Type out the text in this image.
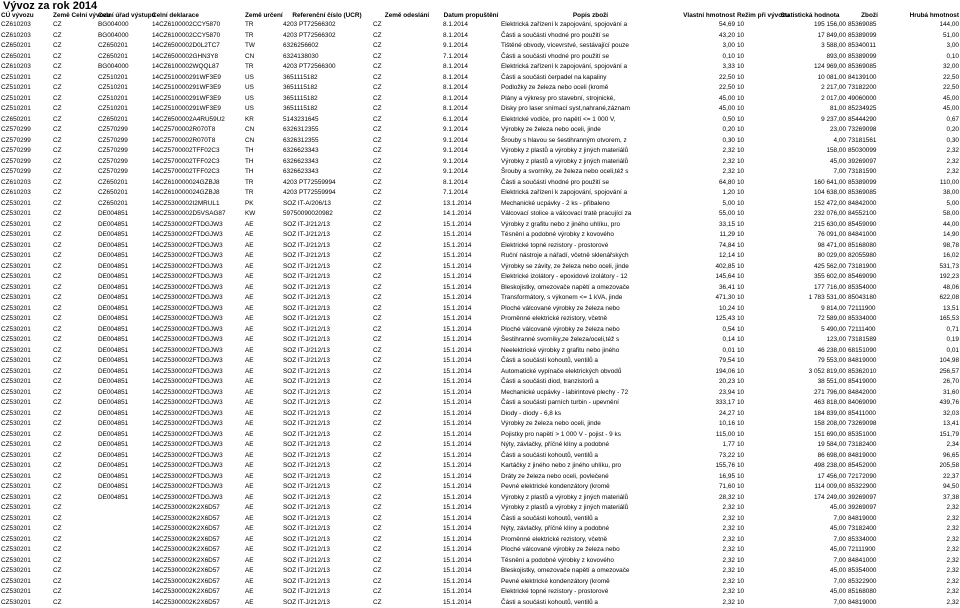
Vývoz za rok 2014
CÚ vývozu	Země Celní vývozu	Celní úřad výstupu	Celní deklarace	Země určení	Referenční číslo (UCR)	Země odeslání	Datum propuštění	Popis zboží	Vlastní hmotnost	Režim při vývozu	Statistická hodnota	Zboží	Hrubá hmotnost
CZ610203	CZ	BG004000	14CZ6100002CCY5870	TR	4203 PT72566302	CZ	8.1.2014	Elektrická zařízení k zapojování, spojování a	54,69	10	195 156,00	85369085	144,00
CZ610203	CZ	BG004000	14CZ6100002CCY5870	TR	4203 PT72566302	CZ	8.1.2014	Části a součásti vhodné pro použití se	43,20	10	17 849,00	85389099	51,00
CZ650201	CZ	CZ650201	14CZ6500002D0L2TC7	TW	6326256602	CZ	9.1.2014	Tištěné obvody, vícevrstvé, sestávající pouze	3,00	10	3 588,00	85340011	3,00
CZ650201	CZ	CZ650201	14CZ6500002GHN3Y8	CN	6324138030	CZ	7.1.2014	Části a součásti vhodné pro použití se	0,10	10	893,00	85389099	0,10
CZ610203	CZ	BG004000	14CZ6100002WQQL87	TR	4203 PT72566300	CZ	8.1.2014	Elektrická zařízení k zapojování, spojování a	3,33	10	124 969,00	85369085	32,00
CZ510201	CZ	CZ510201	14CZ510000291WF3E9	US	3651115182	CZ	8.1.2014	Části a součásti čerpadel na kapaliny	22,50	10	10 081,00	84139100	22,50
CZ510201	CZ	CZ510201	14CZ510000291WF3E9	US	3651115182	CZ	8.1.2014	Podložky ze železa nebo oceli (kromě	22,50	10	2 217,00	73182200	22,50
CZ510201	CZ	CZ510201	14CZ510000291WF3E9	US	3651115182	CZ	8.1.2014	Plány a výkresy pro stavební, strojnické,	45,00	10	2 017,00	49060000	45,00
CZ510201	CZ	CZ510201	14CZ510000291WF3E9	US	3651115182	CZ	8.1.2014	Disky pro laser snímací syst,nahrané,záznam	45,00	10	81,00	85234925	45,00
CZ650201	CZ	CZ650201	14CZ6500002A4RU59U2	KR	5143231645	CZ	6.1.2014	Elektrické vodiče, pro napětí <= 1 000 V,	0,50	10	9 237,00	85444290	0,67
CZ570299	CZ	CZ570299	14CZ5700002R070T8	CN	6326312355	CZ	9.1.2014	Výrobky ze železa nebo oceli, jinde	0,20	10	23,00	73269098	0,20
CZ570299	CZ	CZ570299	14CZ5700002R070T8	CN	6326312355	CZ	9.1.2014	Šrouby s hlavou se šestihranným otvorem, z	0,30	10	4,00	73181561	0,30
CZ570299	CZ	CZ570299	14CZ5700002TFF02C3	TH	6326623343	CZ	9.1.2014	Výrobky z plastů a výrobky z jiných materiálů	2,32	10	158,00	85030099	2,32
CZ570299	CZ	CZ570299	14CZ5700002TFF02C3	TH	6326623343	CZ	9.1.2014	Výrobky z plastů a výrobky z jiných materiálů	2,32	10	45,00	39269097	2,32
CZ570299	CZ	CZ570299	14CZ5700002TFF02C3	TH	6326623343	CZ	9.1.2014	Šrouby a svorníky, ze železa nebo oceli,též s	2,32	10	7,00	73181590	2,32
CZ610203	CZ	CZ650201	14CZ610000024GZBJ8	TR	4203 PT72559994	CZ	8.1.2014	Části a součásti vhodné pro použití se	64,80	10	160 641,00	85389099	110,00
CZ610203	CZ	CZ650201	14CZ610000024GZBJ8	TR	4203 PT72559994	CZ	7.1.2014	Elektrická zařízení k zapojování, spojování a	1,20	10	104 638,00	85369085	38,00
CZ530201	CZ	CZ650201	14CZ5300002I2MRUL1	PK	SOZ IT-A/206/13	CZ	13.1.2014	Mechanické ucpávky - 2 ks - přibaleno	5,00	10	152 472,00	84842000	5,00
CZ530201	CZ	DE004851	14CZ5300002D5VSAG87	KW	59750090020982	CZ	14.1.2014	Válcovací stolice a válcovací tratě pracující za	55,00	10	232 076,00	84552100	58,00
CZ530201	CZ	DE004851	14CZ5300002FTDGJW3	AE	SOZ IT-J/212/13	CZ	15.1.2014	Výrobky z grafitu nebo z jiného uhlíku, pro	33,15	10	215 630,00	85459090	44,00
CZ530201	CZ	DE004851	14CZ5300002FTDGJW3	AE	SOZ IT-J/212/13	CZ	15.1.2014	Těsnění a podobné výrobky z kovového	11,29	10	76 091,00	84841000	14,90
CZ530201	CZ	DE004851	14CZ5300002FTDGJW3	AE	SOZ IT-J/212/13	CZ	15.1.2014	Elektrické topné rezistory - prostorové	74,84	10	98 471,00	85168080	98,78
CZ530201	CZ	DE004851	14CZ5300002FTDGJW3	AE	SOZ IT-J/212/13	CZ	15.1.2014	Ruční nástroje a nářadí, včetně sklenářských	12,14	10	80 029,00	82055980	16,02
CZ530201	CZ	DE004851	14CZ5300002FTDGJW3	AE	SOZ IT-J/212/13	CZ	15.1.2014	Výrobky se závity, ze železa nebo oceli, jinde	402,85	10	425 562,00	73181900	531,73
CZ530201	CZ	DE004851	14CZ5300002FTDGJW3	AE	SOZ IT-J/212/13	CZ	15.1.2014	Elektrické izolátory - epoxidové izolátory - 12	145,64	10	355 602,00	85469090	192,23
CZ530201	CZ	DE004851	14CZ5300002FTDGJW3	AE	SOZ IT-J/212/13	CZ	15.1.2014	Bleskojistky, omezovače napětí a omezovače	36,41	10	177 716,00	85354000	48,06
CZ530201	CZ	DE004851	14CZ5300002FTDGJW3	AE	SOZ IT-J/212/13	CZ	15.1.2014	Transformátory, s výkonem <= 1 kVA, jinde	471,30	10	1 783 531,00	85043180	622,08
CZ530201	CZ	DE004851	14CZ5300002FTDGJW3	AE	SOZ IT-J/212/13	CZ	15.1.2014	Ploché válcované výrobky ze železa nebo	10,24	10	9 814,00	72111900	13,51
CZ530201	CZ	DE004851	14CZ5300002FTDGJW3	AE	SOZ IT-J/212/13	CZ	15.1.2014	Proměnné elektrické rezistory, včetně	125,43	10	72 589,00	85334000	165,53
CZ530201	CZ	DE004851	14CZ5300002FTDGJW3	AE	SOZ IT-J/212/13	CZ	15.1.2014	Ploché válcované výrobky ze železa nebo	0,54	10	5 490,00	72111400	0,71
CZ530201	CZ	DE004851	14CZ5300002FTDGJW3	AE	SOZ IT-J/212/13	CZ	15.1.2014	Šestihranné svorníky,ze železa/oceli,též s	0,14	10	123,00	73181589	0,19
CZ530201	CZ	DE004851	14CZ5300002FTDGJW3	AE	SOZ IT-J/212/13	CZ	15.1.2014	Neelektrické výrobky z grafitu nebo jiného	0,01	10	46 238,00	68151090	0,01
CZ530201	CZ	DE004851	14CZ5300002FTDGJW3	AE	SOZ IT-J/212/13	CZ	15.1.2014	Části a součásti kohoutů, ventilů a	79,54	10	79 553,00	84819000	104,98
CZ530201	CZ	DE004851	14CZ5300002FTDGJW3	AE	SOZ IT-J/212/13	CZ	15.1.2014	Automatické vypínače elektrických obvodů	194,06	10	3 052 819,00	85362010	256,57
CZ530201	CZ	DE004851	14CZ5300002FTDGJW3	AE	SOZ IT-J/212/13	CZ	15.1.2014	Části a součásti diod, tranzistorů a	20,23	10	38 551,00	85419000	26,70
CZ530201	CZ	DE004851	14CZ5300002FTDGJW3	AE	SOZ IT-J/212/13	CZ	15.1.2014	Mechanické ucpávky - labirintové plechy - 72	23,94	10	271 796,00	84842000	31,60
CZ530201	CZ	DE004851	14CZ5300002FTDGJW3	AE	SOZ IT-J/212/13	CZ	15.1.2014	Části a součásti parních turbin - upevnění	333,17	10	463 818,00	84069090	439,76
CZ530201	CZ	DE004851	14CZ5300002FTDGJW3	AE	SOZ IT-J/212/13	CZ	15.1.2014	Diody - diody - 6,8 ks	24,27	10	184 839,00	85411000	32,03
CZ530201	CZ	DE004851	14CZ5300002FTDGJW3	AE	SOZ IT-J/212/13	CZ	15.1.2014	Výrobky ze železa nebo oceli, jinde	10,16	10	158 208,00	73269098	13,41
CZ530201	CZ	DE004851	14CZ5300002FTDGJW3	AE	SOZ IT-J/212/13	CZ	15.1.2014	Pojistky pro napětí > 1 000 V - pojist - 9 ks	115,00	10	151 690,00	85351000	151,79
CZ530201	CZ	DE004851	14CZ5300002FTDGJW3	AE	SOZ IT-J/212/13	CZ	15.1.2014	Nýty, závlačky, příčné klíny a podobné	1,77	10	19 584,00	73182400	2,34
CZ530201	CZ	DE004851	14CZ5300002FTDGJW3	AE	SOZ IT-J/212/13	CZ	15.1.2014	Části a součásti kohoutů, ventilů a	73,22	10	86 698,00	84819000	96,65
CZ530201	CZ	DE004851	14CZ5300002FTDGJW3	AE	SOZ IT-J/212/13	CZ	15.1.2014	Kartáčky z jiného nebo z jiného uhlíku, pro	155,76	10	498 238,00	85452000	205,58
CZ530201	CZ	DE004851	14CZ5300002FTDGJW3	AE	SOZ IT-J/212/13	CZ	15.1.2014	Dráty ze železa nebo oceli, povlečené	16,95	10	17 456,00	72172090	22,37
CZ530201	CZ	DE004851	14CZ5300002FTDGJW3	AE	SOZ IT-J/212/13	CZ	15.1.2014	Pevné elektrické kondenzátory (kromě	71,60	10	114 009,00	85322900	94,50
CZ530201	CZ	DE004851	14CZ5300002FTDGJW3	AE	SOZ IT-J/212/13	CZ	15.1.2014	Výrobky z plastů a výrobky z jiných materiálů	28,32	10	174 249,00	39269097	37,38
CZ530201	CZ		14CZ5300002K2X6D57	AE	SOZ IT-J/212/13	CZ	15.1.2014	Výrobky z plastů a výrobky z jiných materiálů	2,32	10	45,00	39269097	2,32
CZ530201	CZ		14CZ5300002K2X6D57	AE	SOZ IT-J/212/13	CZ	15.1.2014	Části a součásti kohoutů, ventilů a	2,32	10	7,00	84819000	2,32
CZ530201	CZ		14CZ5300002K2X6D57	AE	SOZ IT-J/212/13	CZ	15.1.2014	Nýty, závlačky, příčné klíny a podobné	2,32	10	45,00	73182400	2,32
CZ530201	CZ		14CZ5300002K2X6D57	AE	SOZ IT-J/212/13	CZ	15.1.2014	Proměnné elektrické rezistory, včetně	2,32	10	7,00	85334000	2,32
CZ530201	CZ		14CZ5300002K2X6D57	AE	SOZ IT-J/212/13	CZ	15.1.2014	Ploché válcované výrobky ze železa nebo	2,32	10	45,00	72111900	2,32
CZ530201	CZ		14CZ5300002K2X6D57	AE	SOZ IT-J/212/13	CZ	15.1.2014	Těsnění a podobné výrobky z kovového	2,32	10	7,00	84841000	2,32
CZ530201	CZ		14CZ5300002K2X6D57	AE	SOZ IT-J/212/13	CZ	15.1.2014	Bleskojistky, omezovače napětí a omezovače	2,32	10	45,00	85354000	2,32
CZ530201	CZ		14CZ5300002K2X6D57	AE	SOZ IT-J/212/13	CZ	15.1.2014	Pevné elektrické kondenzátory (kromě	2,32	10	7,00	85322900	2,32
CZ530201	CZ		14CZ5300002K2X6D57	AE	SOZ IT-J/212/13	CZ	15.1.2014	Elektrické topné rezistory - prostorové	2,32	10	45,00	85168080	2,32
CZ530201	CZ		14CZ5300002K2X6D57	AE	SOZ IT-J/212/13	CZ	15.1.2014	Části a součásti kohoutů, ventilů a	2,32	10	7,00	84819000	2,32
